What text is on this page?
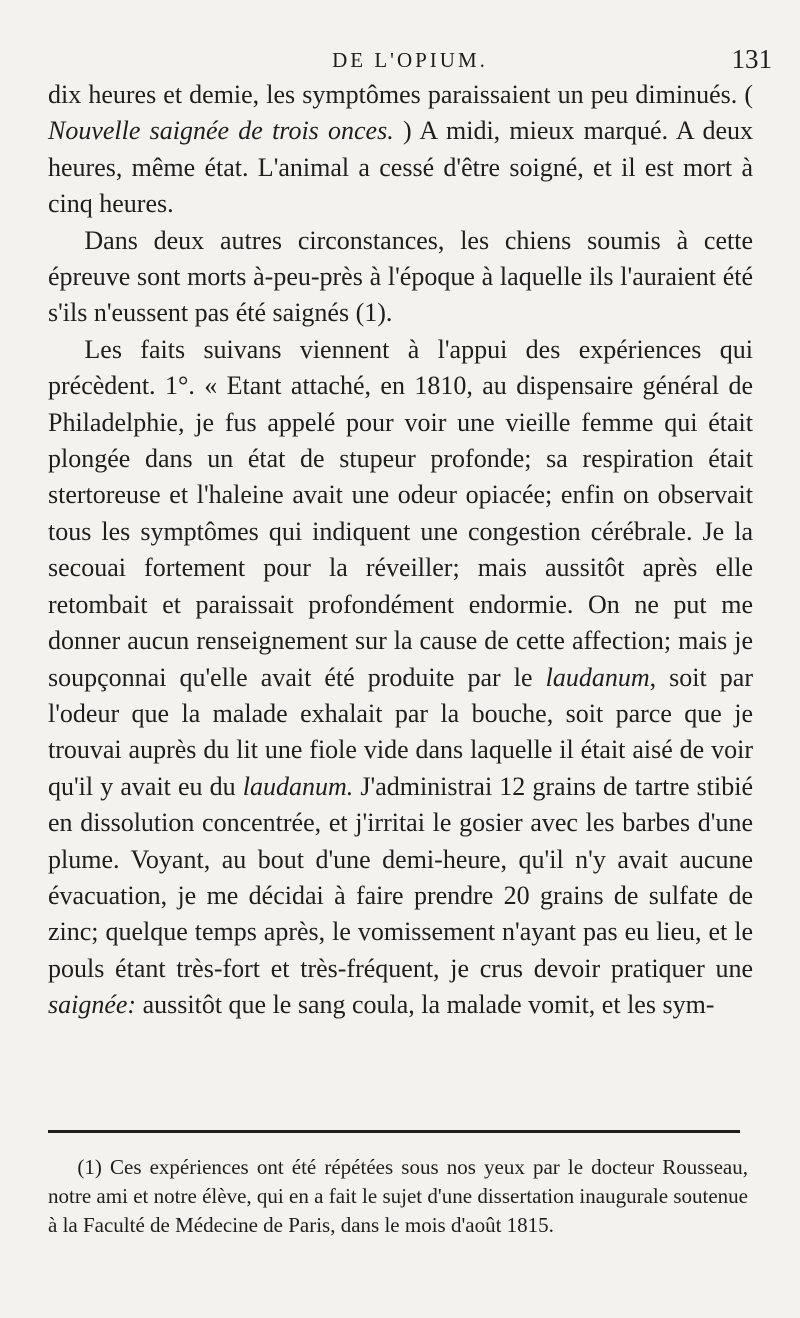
DE L'OPIUM.	131

dix heures et demie, les symptômes paraissaient un peu diminués. ( Nouvelle saignée de trois onces. ) A midi, mieux marqué. A deux heures, même état. L'animal a cessé d'être soigné, et il est mort à cinq heures.

Dans deux autres circonstances, les chiens soumis à cette épreuve sont morts à-peu-près à l'époque à laquelle ils l'auraient été s'ils n'eussent pas été saignés (1).

Les faits suivans viennent à l'appui des expériences qui précèdent. 1°. « Etant attaché, en 1810, au dispensaire général de Philadelphie, je fus appelé pour voir une vieille femme qui était plongée dans un état de stupeur profonde; sa respiration était stertoreuse et l'haleine avait une odeur opiacée; enfin on observait tous les symptômes qui indiquent une congestion cérébrale. Je la secouai fortement pour la réveiller; mais aussitôt après elle retombait et paraissait profondément endormie. On ne put me donner aucun renseignement sur la cause de cette affection; mais je soupçonnai qu'elle avait été produite par le laudanum, soit par l'odeur que la malade exhalait par la bouche, soit parce que je trouvai auprès du lit une fiole vide dans laquelle il était aisé de voir qu'il y avait eu du laudanum. J'administrai 12 grains de tartre stibié en dissolution concentrée, et j'irritai le gosier avec les barbes d'une plume. Voyant, au bout d'une demi-heure, qu'il n'y avait aucune évacuation, je me décidai à faire prendre 20 grains de sulfate de zinc; quelque temps après, le vomissement n'ayant pas eu lieu, et le pouls étant très-fort et très-fréquent, je crus devoir pratiquer une saignée: aussitôt que le sang coula, la malade vomit, et les sym-

(1) Ces expériences ont été répétées sous nos yeux par le docteur Rousseau, notre ami et notre élève, qui en a fait le sujet d'une dissertation inaugurale soutenue à la Faculté de Médecine de Paris, dans le mois d'août 1815.
